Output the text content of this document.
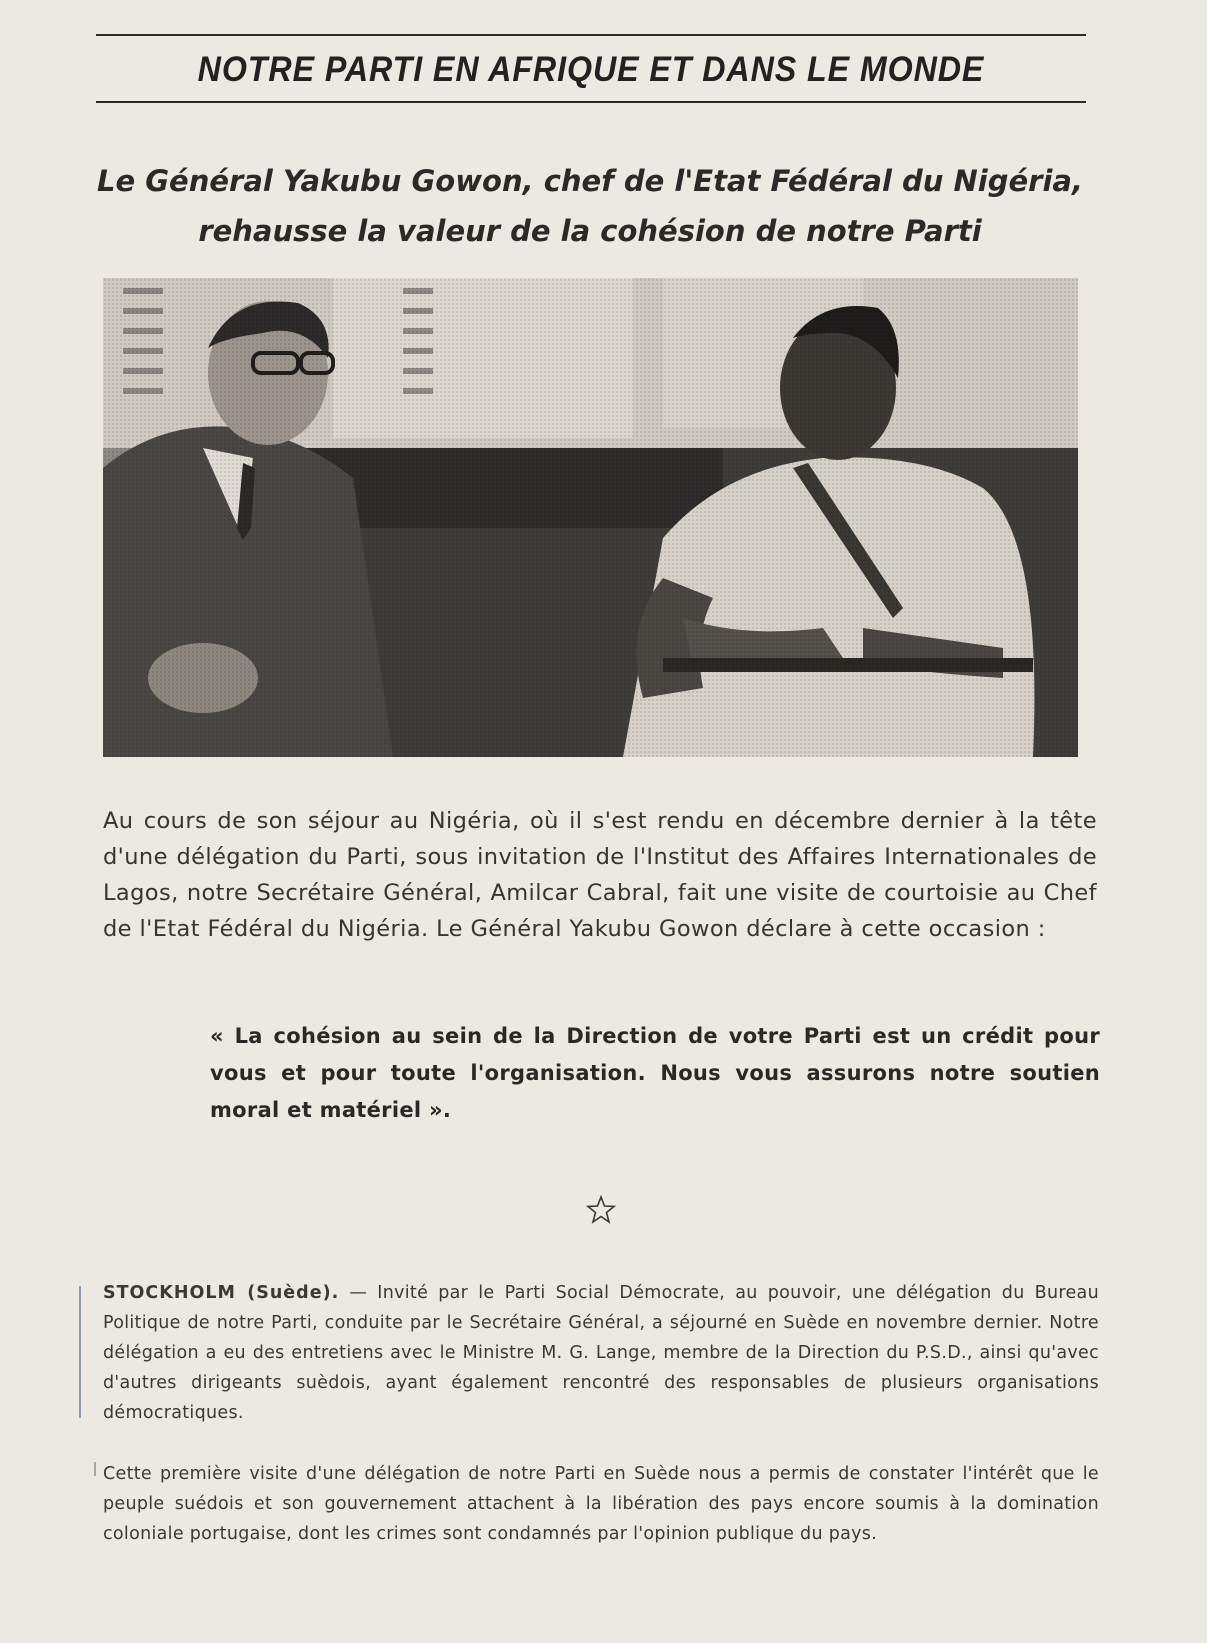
NOTRE PARTI EN AFRIQUE ET DANS LE MONDE
Le Général Yakubu Gowon, chef de l'Etat Fédéral du Nigéria,
rehausse la valeur de la cohésion de notre Parti
Au cours de son séjour au Nigéria, où il s'est rendu en décembre dernier à la tête d'une délégation du Parti, sous invitation de l'Institut des Affaires Internationales de Lagos, notre Secrétaire Général, Amilcar Cabral, fait une visite de courtoisie au Chef de l'Etat Fédéral du Nigéria. Le Général Yakubu Gowon déclare à cette occasion :
« La cohésion au sein de la Direction de votre Parti est un crédit pour vous et pour toute l'organisation. Nous vous assurons notre soutien moral et matériel ».
STOCKHOLM (Suède). — Invité par le Parti Social Démocrate, au pouvoir, une délégation du Bureau Politique de notre Parti, conduite par le Secrétaire Général, a séjourné en Suède en novembre dernier. Notre délégation a eu des entretiens avec le Ministre M. G. Lange, membre de la Direction du P.S.D., ainsi qu'avec d'autres dirigeants suèdois, ayant également rencontré des responsables de plusieurs organisations démocratiques.
Cette première visite d'une délégation de notre Parti en Suède nous a permis de constater l'intérêt que le peuple suédois et son gouvernement attachent à la libération des pays encore soumis à la domination coloniale portugaise, dont les crimes sont condamnés par l'opinion publique du pays.
